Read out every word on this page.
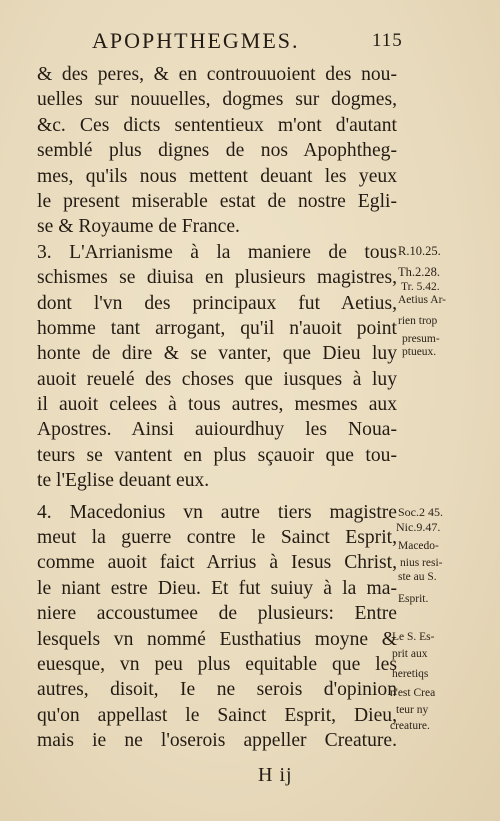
APOPHTHEGMES.	115
& des peres, & en controuuoient des nou-
uelles sur nouuelles, dogmes sur dogmes,
&c. Ces dicts sententieux m'ont d'autant
semblé plus dignes de nos Apophtheg-
mes, qu'ils nous mettent deuant les yeux
le present miserable estat de nostre Egli-
se & Royaume de France.
3. L'Arrianisme à la maniere de tous
schismes se diuisa en plusieurs magistres,
dont l'vn des principaux fut Aetius,
homme tant arrogant, qu'il n'auoit point
honte de dire & se vanter, que Dieu luy
auoit reuelé des choses que iusques à luy
il auoit celees à tous autres, mesmes aux
Apostres. Ainsi auiourdhuy les Noua-
teurs se vantent en plus sçauoir que tou-
te l'Eglise deuant eux.
4. Macedonius vn autre tiers magistre
meut la guerre contre le Sainct Esprit,
comme auoit faict Arrius à Iesus Christ,
le niant estre Dieu. Et fut suiuy à la ma-
niere accoustumee de plusieurs: Entre
lesquels vn nommé Eusthatius moyne &
euesque, vn peu plus equitable que les
autres, disoit, Ie ne serois d'opinion
qu'on appellast le Sainct Esprit, Dieu,
mais ie ne l'oserois appeller Creature.
R.10.25.
Th.2.28.
Tr. 5.42.
Aetius Ar-
rien trop
presum-
ptueux.
Soc.2 45.
Nic.9.47.
Macedo-
nius resi-
ste au S.
Esprit.
Le S. Es-
prit aux
heretiqs
n'est Crea
teur ny
creature.
H ij
